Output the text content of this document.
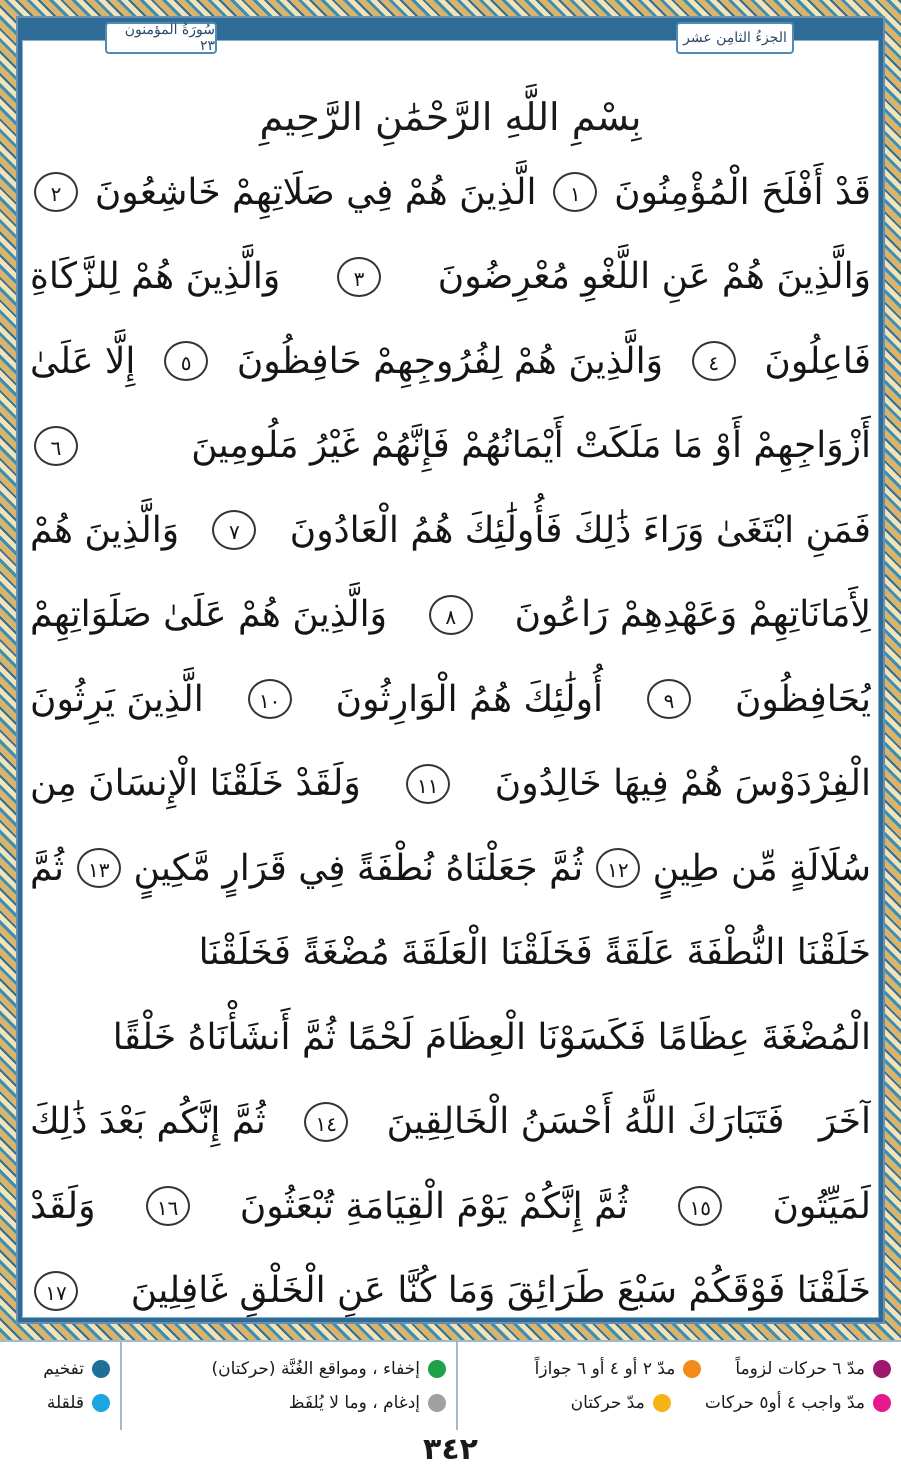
الجزءُ الثامِن عشر
سُورَةُ المؤمنون ٢٣
بِسْمِ اللَّهِ الرَّحْمَٰنِ الرَّحِيمِ
قَدْ أَفْلَحَ الْمُؤْمِنُونَ
١
الَّذِينَ هُمْ فِي صَلَاتِهِمْ خَاشِعُونَ
٢
وَالَّذِينَ هُمْ عَنِ اللَّغْوِ مُعْرِضُونَ
٣
وَالَّذِينَ هُمْ لِلزَّكَاةِ
فَاعِلُونَ
٤
وَالَّذِينَ هُمْ لِفُرُوجِهِمْ حَافِظُونَ
٥
إِلَّا عَلَىٰ
أَزْوَاجِهِمْ أَوْ مَا مَلَكَتْ أَيْمَانُهُمْ فَإِنَّهُمْ غَيْرُ مَلُومِينَ
٦
فَمَنِ ابْتَغَىٰ وَرَاءَ ذَٰلِكَ فَأُولَٰئِكَ هُمُ الْعَادُونَ
٧
وَالَّذِينَ هُمْ
لِأَمَانَاتِهِمْ وَعَهْدِهِمْ رَاعُونَ
٨
وَالَّذِينَ هُمْ عَلَىٰ صَلَوَاتِهِمْ
يُحَافِظُونَ
٩
أُولَٰئِكَ هُمُ الْوَارِثُونَ
١٠
الَّذِينَ يَرِثُونَ
الْفِرْدَوْسَ هُمْ فِيهَا خَالِدُونَ
١١
وَلَقَدْ خَلَقْنَا الْإِنسَانَ مِن
سُلَالَةٍ مِّن طِينٍ
١٢
ثُمَّ جَعَلْنَاهُ نُطْفَةً فِي قَرَارٍ مَّكِينٍ
١٣
ثُمَّ
خَلَقْنَا النُّطْفَةَ عَلَقَةً فَخَلَقْنَا الْعَلَقَةَ مُضْغَةً فَخَلَقْنَا
الْمُضْغَةَ عِظَامًا فَكَسَوْنَا الْعِظَامَ لَحْمًا ثُمَّ أَنشَأْنَاهُ خَلْقًا
آخَرَ
فَتَبَارَكَ اللَّهُ أَحْسَنُ الْخَالِقِينَ
١٤
ثُمَّ إِنَّكُم بَعْدَ ذَٰلِكَ
لَمَيِّتُونَ
١٥
ثُمَّ إِنَّكُمْ يَوْمَ الْقِيَامَةِ تُبْعَثُونَ
١٦
وَلَقَدْ
خَلَقْنَا فَوْقَكُمْ سَبْعَ طَرَائِقَ وَمَا كُنَّا عَنِ الْخَلْقِ غَافِلِينَ
١٧
مدّ ٦ حركات لزوماً
مدّ ٢ أو ٤ أو ٦ جوازاً
مدّ واجب ٤ أو٥ حركات
مدّ حركتان
إخفاء ، ومواقع الغُنَّة (حركتان)
إدغام ، وما لا يُلفَظ
تفخيم
قلقلة
٣٤٢
